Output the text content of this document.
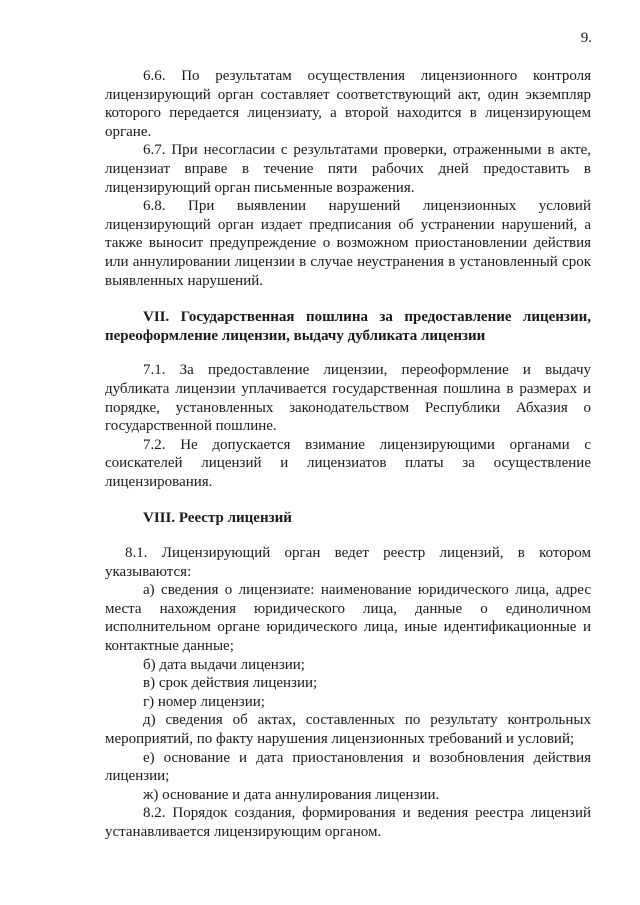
9.

6.6. По результатам осуществления лицензионного контроля лицензирующий орган составляет соответствующий акт, один экземпляр которого передается лицензиату, а второй находится в лицензирующем органе.

6.7. При несогласии с результатами проверки, отраженными в акте, лицензиат вправе в течение пяти рабочих дней предоставить в лицензирующий орган письменные возражения.

6.8. При выявлении нарушений лицензионных условий лицензирующий орган издает предписания об устранении нарушений, а также выносит предупреждение о возможном приостановлении действия или аннулировании лицензии в случае неустранения в установленный срок выявленных нарушений.

VII. Государственная пошлина за предоставление лицензии, переоформление лицензии, выдачу дубликата лицензии

7.1. За предоставление лицензии, переоформление и выдачу дубликата лицензии уплачивается государственная пошлина в размерах и порядке, установленных законодательством Республики Абхазия о государственной пошлине.

7.2. Не допускается взимание лицензирующими органами с соискателей лицензий и лицензиатов платы за осуществление лицензирования.

VIII. Реестр лицензий

8.1. Лицензирующий орган ведет реестр лицензий, в котором указываются:

а) сведения о лицензиате: наименование юридического лица, адрес места нахождения юридического лица, данные о единоличном исполнительном органе юридического лица, иные идентификационные и контактные данные;

б) дата выдачи лицензии;

в) срок действия лицензии;

г) номер лицензии;

д) сведения об актах, составленных по результату контрольных мероприятий, по факту нарушения лицензионных требований и условий;

е) основание и дата приостановления и возобновления действия лицензии;

ж) основание и дата аннулирования лицензии.

8.2. Порядок создания, формирования и ведения реестра лицензий устанавливается лицензирующим органом.
